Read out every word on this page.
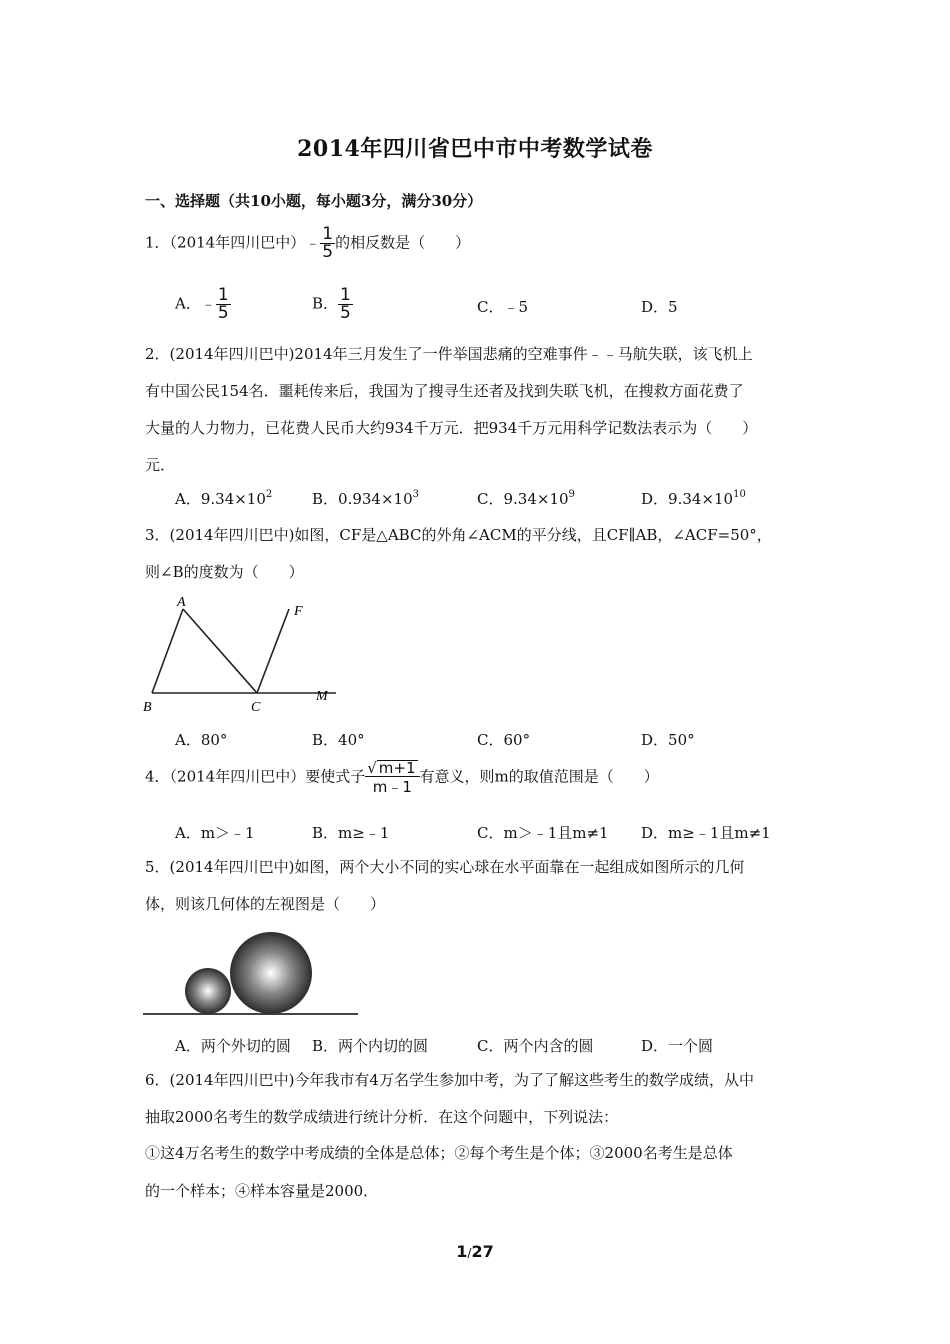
2014年四川省巴中市中考数学试卷
一、选择题（共10小题，每小题3分，满分30分）
1．（2014年四川巴中）﹣ $\frac{1}{5}$ 的相反数是（　　）
A．﹣ $\frac{1}{5}$	B． $\frac{1}{5}$	C．﹣5	D．5
2．(2014年四川巴中)2014年三月发生了一件举国悲痛的空难事件﹣﹣马航失联，该飞机上
有中国公民154名．噩耗传来后，我国为了搜寻生还者及找到失联飞机，在搜救方面花费了
大量的人力物力，已花费人民币大约934千万元．把934千万元用科学记数法表示为（　　）
元．
A．$9.34\times 10^2$	B．$0.934\times 10^3$	C．$9.34\times 10^9$	D．$9.34\times 10^{10}$
3．(2014年四川巴中)如图，CF是△ABC的外角∠ACM的平分线，且CF∥AB，∠ACF=50°，
则∠B的度数为（　　）
A
B	C
F
M
A．80°	B．40°	C．60°	D．50°
4．（2014年四川巴中）要使式子 $\frac{√ m+1}{m﹣1}$ 有意义，则m的取值范围是（　　）
A．m＞﹣1	B．m≥﹣1	C．m＞﹣1且m≠1 D．m≥﹣1且m≠1
5．(2014年四川巴中)如图，两个大小不同的实心球在水平面靠在一起组成如图所示的几何
体，则该几何体的左视图是（　　）
A．两个外切的圆 B．两个内切的圆	C．两个内含的圆	D．一个圆
6．(2014年四川巴中)今年我市有4万名学生参加中考，为了了解这些考生的数学成绩，从中
抽取2000名考生的数学成绩进行统计分析．在这个问题中，下列说法：
①这4万名考生的数学中考成绩的全体是总体；②每个考生是个体；③2000名考生是总体
的一个样本；④样本容量是2000．
1/27
